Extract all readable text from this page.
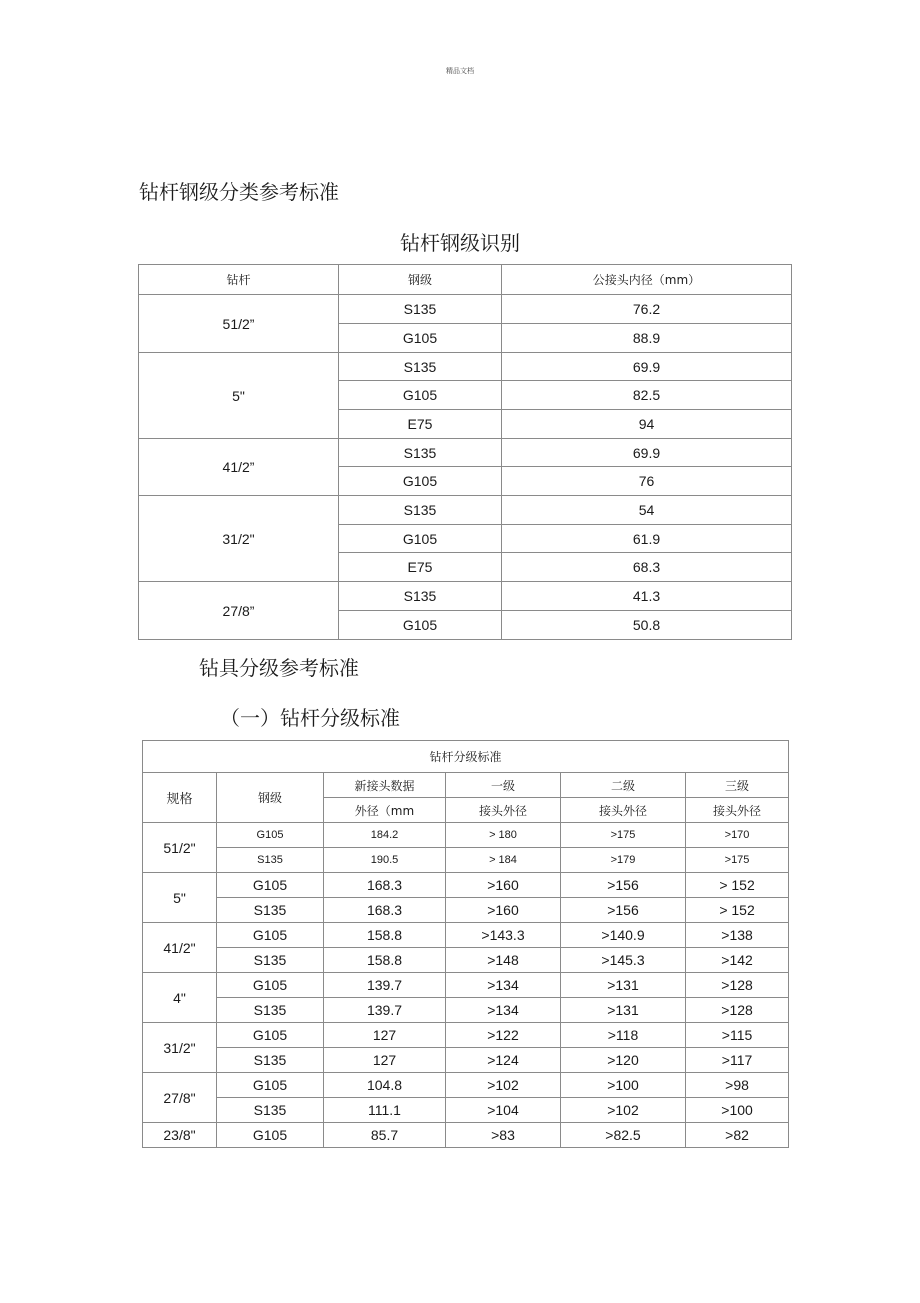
精品文档
钻杆钢级分类参考标准
钻杆钢级识别
钻杆	钢级	公接头内径（mm）
51/2”	S135	76.2
	G105	88.9
5"	S135	69.9
	G105	82.5
	E75	94
41/2”	S135	69.9
	G105	76
31/2"	S135	54
	G105	61.9
	E75	68.3
27/8”	S135	41.3
	G105	50.8
钻具分级参考标准
（一）钻杆分级标准
钻杆分级标准					
规格	钢级	新接头数据	一级	二级	三级
		外径（mm	接头外径	接头外径	接头外径
51/2"	G105	184.2	> 180	>175	>170
	S135	190.5	> 184	>179	>175
5"	G105	168.3	>160	>156	> 152
	S135	168.3	>160	>156	> 152
41/2"	G105	158.8	>143.3	>140.9	>138
	S135	158.8	>148	>145.3	>142
4"	G105	139.7	>134	>131	>128
	S135	139.7	>134	>131	>128
31/2"	G105	127	>122	>118	>115
	S135	127	>124	>120	>117
27/8"	G105	104.8	>102	>100	>98
	S135	111.1	>104	>102	>100
23/8"	G105	85.7	>83	>82.5	>82
